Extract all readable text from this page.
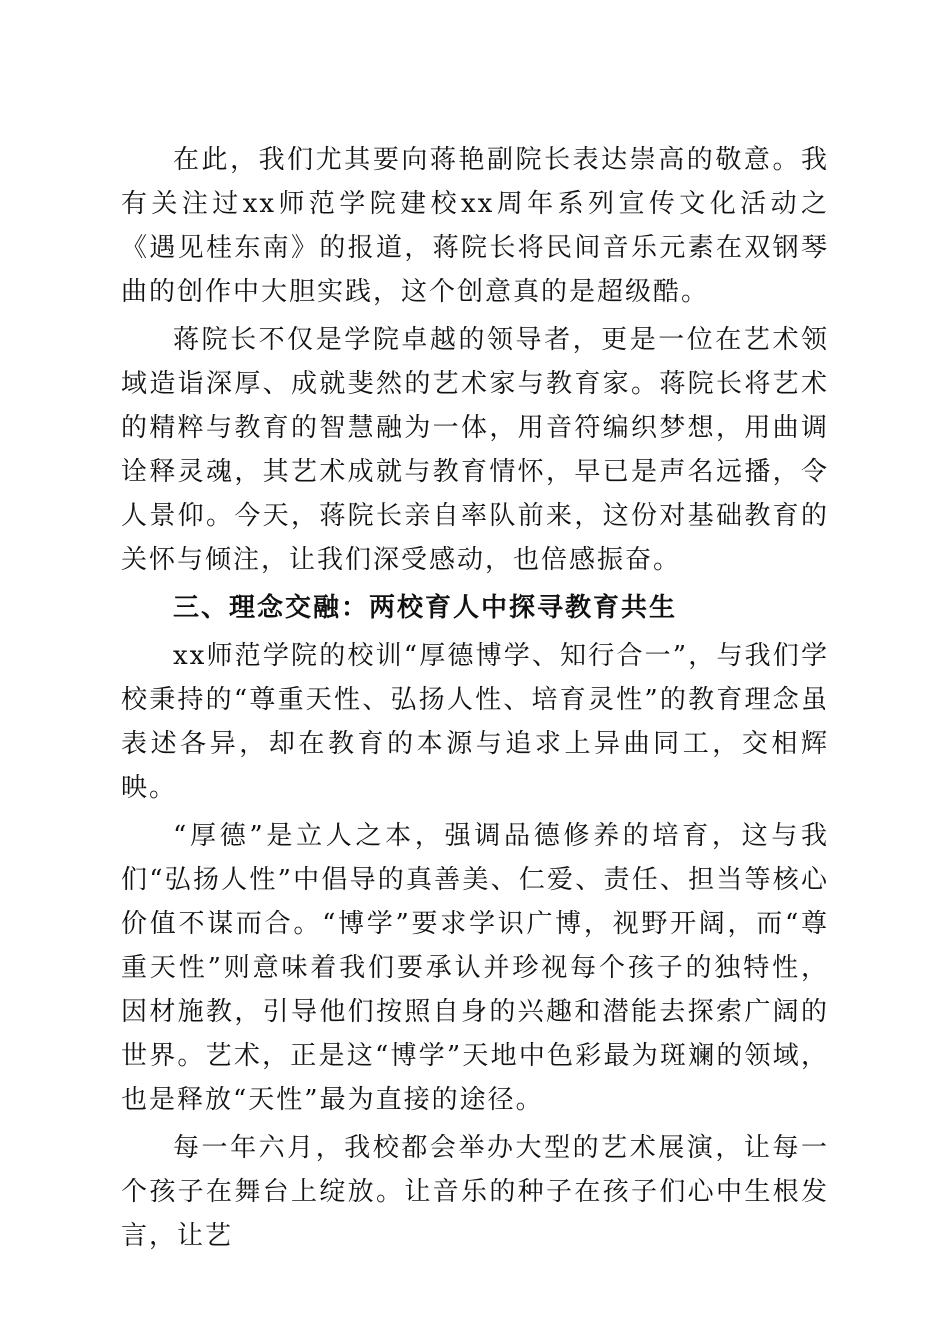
在此，我们尤其要向蒋艳副院长表达崇高的敬意。我有关注过xx师范学院建校xx周年系列宣传文化活动之《遇见桂东南》的报道，蒋院长将民间音乐元素在双钢琴曲的创作中大胆实践，这个创意真的是超级酷。

蒋院长不仅是学院卓越的领导者，更是一位在艺术领域造诣深厚、成就斐然的艺术家与教育家。蒋院长将艺术的精粹与教育的智慧融为一体，用音符编织梦想，用曲调诠释灵魂，其艺术成就与教育情怀，早已是声名远播，令人景仰。今天，蒋院长亲自率队前来，这份对基础教育的关怀与倾注，让我们深受感动，也倍感振奋。

三、理念交融：两校育人中探寻教育共生

xx师范学院的校训“厚德博学、知行合一”，与我们学校秉持的“尊重天性、弘扬人性、培育灵性”的教育理念虽表述各异，却在教育的本源与追求上异曲同工，交相辉映。

“厚德”是立人之本，强调品德修养的培育，这与我们“弘扬人性”中倡导的真善美、仁爱、责任、担当等核心价值不谋而合。“博学”要求学识广博，视野开阔，而“尊重天性”则意味着我们要承认并珍视每个孩子的独特性，因材施教，引导他们按照自身的兴趣和潜能去探索广阔的世界。艺术，正是这“博学”天地中色彩最为斑斓的领域，也是释放“天性”最为直接的途径。

每一年六月，我校都会举办大型的艺术展演，让每一个孩子在舞台上绽放。让音乐的种子在孩子们心中生根发言，让艺
